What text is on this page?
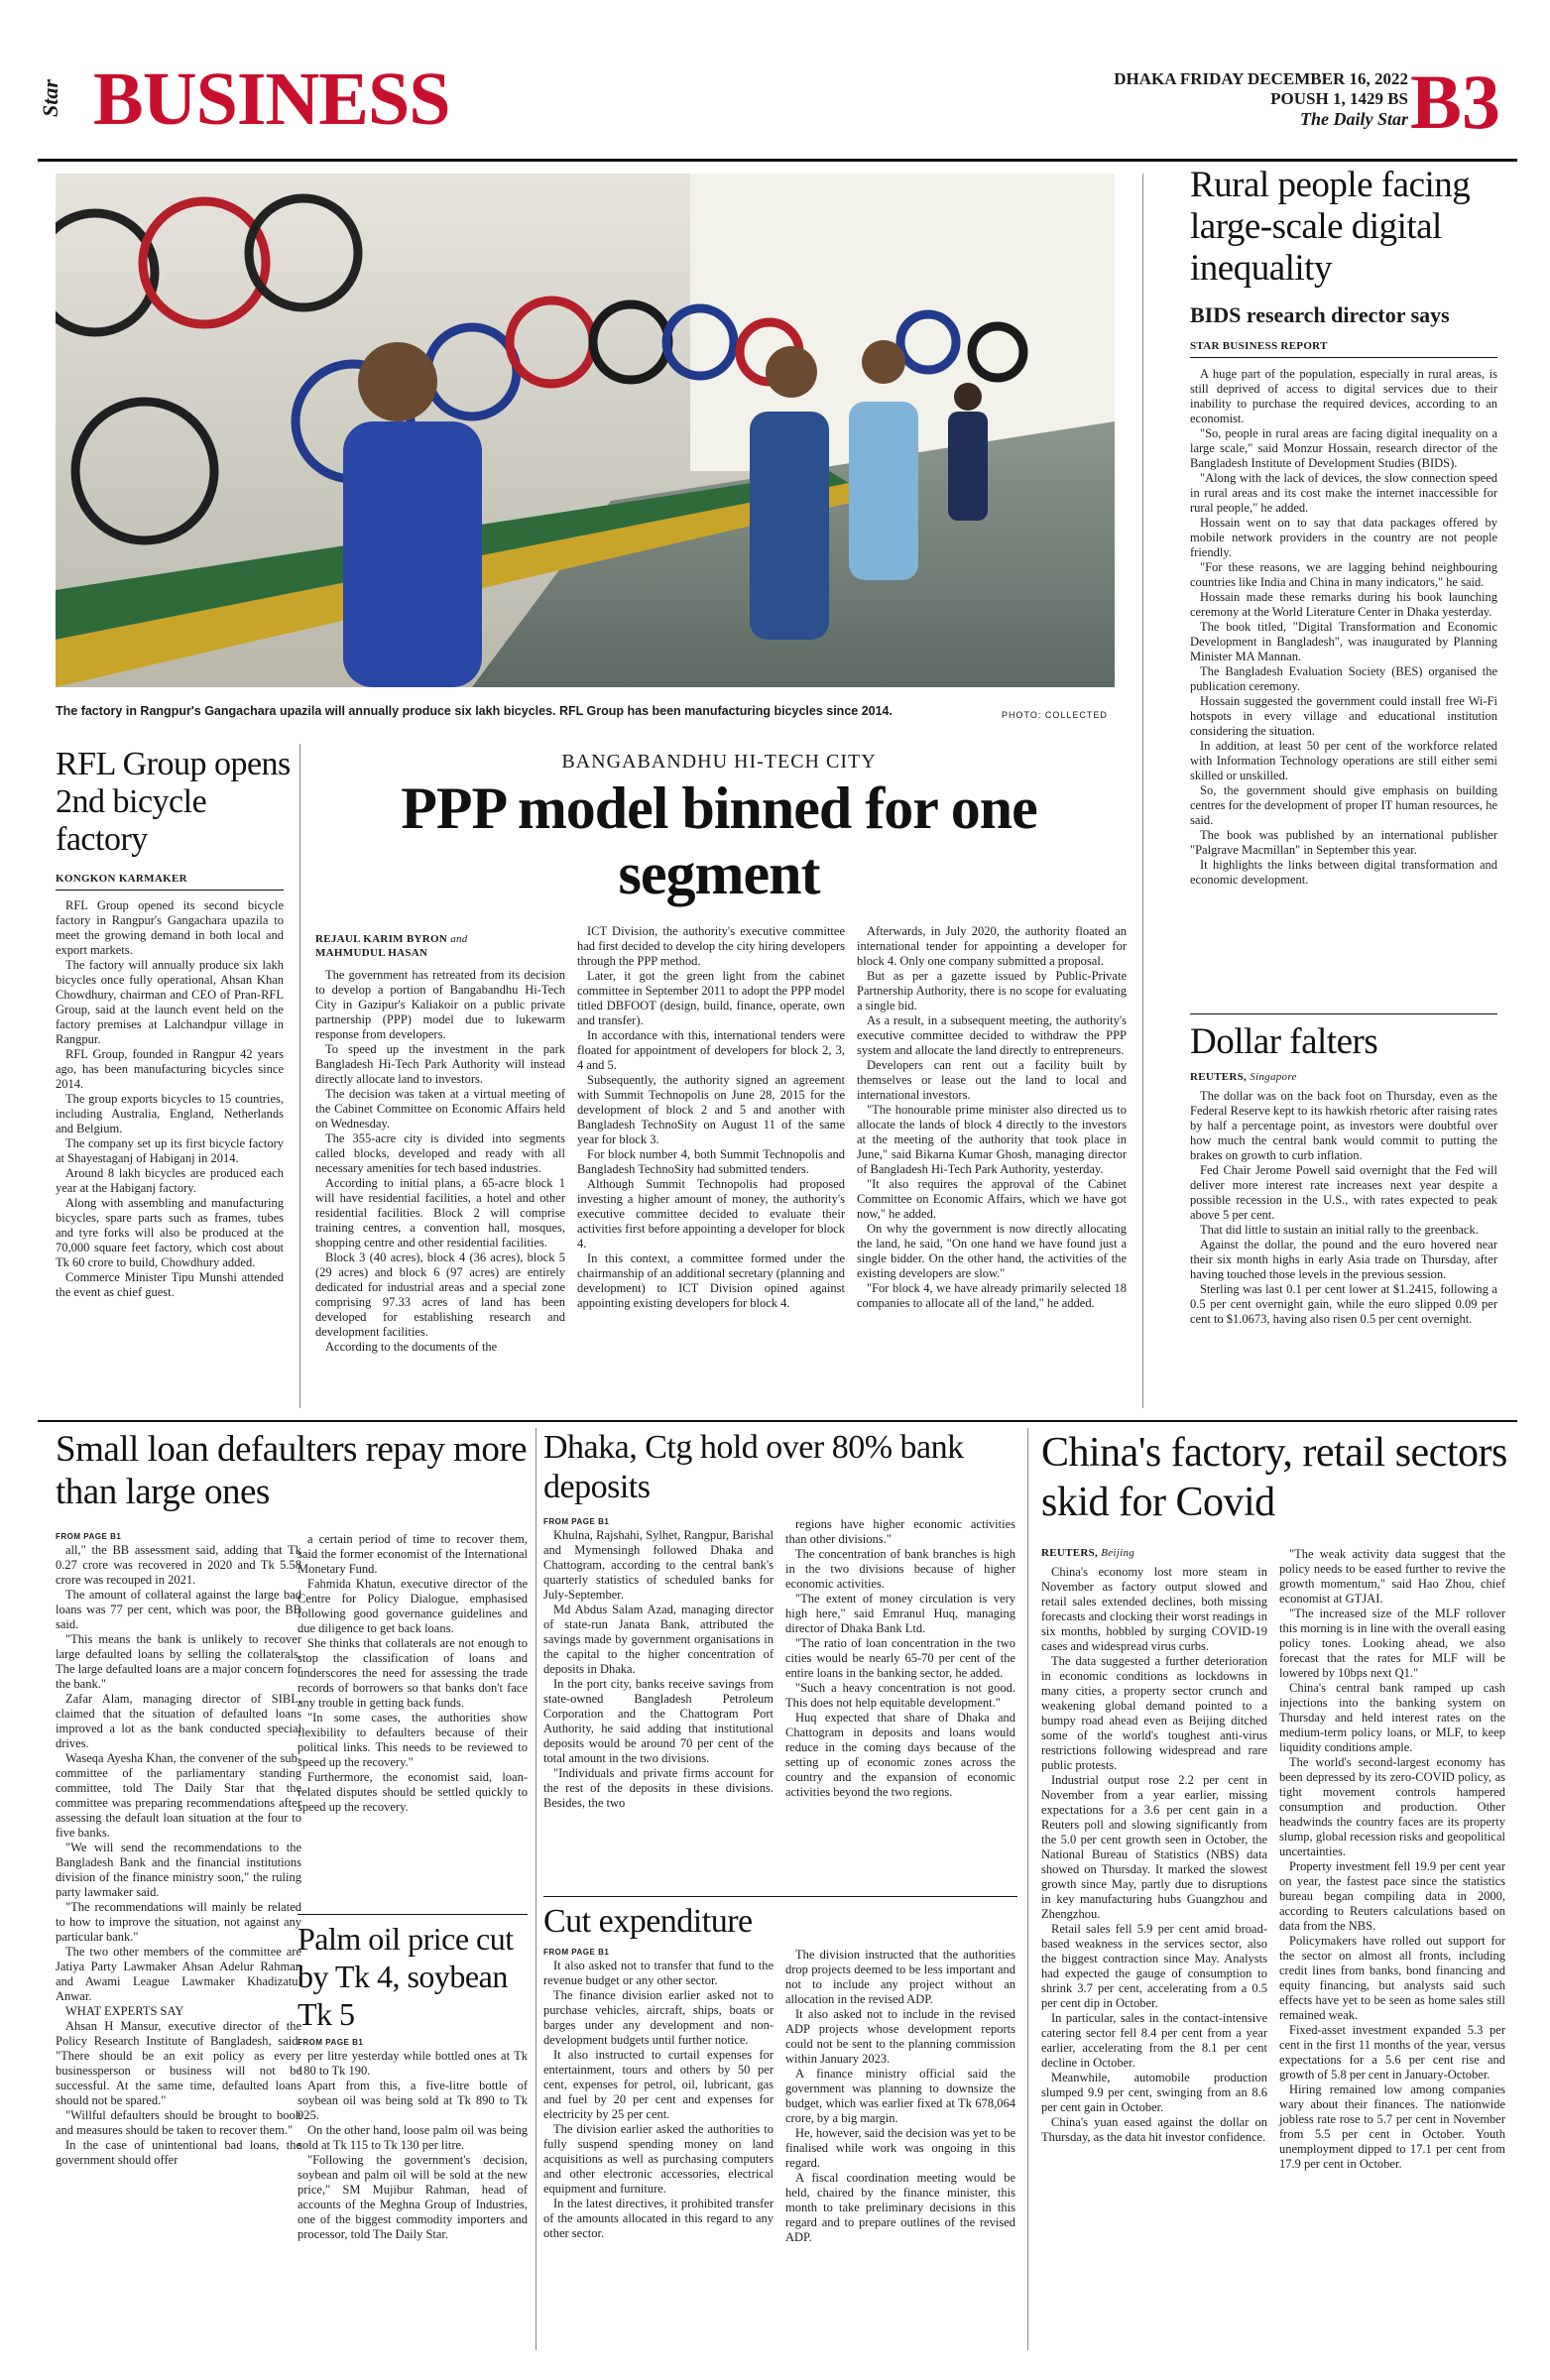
Star BUSINESS	DHAKA FRIDAY DECEMBER 16, 2022
POUSH 1, 1429 BS
The Daily Star B3
The factory in Rangpur's Gangachara upazila will annually produce six lakh bicycles. RFL Group has been manufacturing bicycles since 2014.	PHOTO: COLLECTED
Rural people facing large-scale digital inequality
BIDS research director says
STAR BUSINESS REPORT

A huge part of the population, especially in rural areas, is still deprived of access to digital services due to their inability to purchase the required devices, according to an economist.

"So, people in rural areas are facing digital inequality on a large scale," said Monzur Hossain, research director of the Bangladesh Institute of Development Studies (BIDS).

"Along with the lack of devices, the slow connection speed in rural areas and its cost make the internet inaccessible for rural people," he added.

Hossain went on to say that data packages offered by mobile network providers in the country are not people friendly.

"For these reasons, we are lagging behind neighbouring countries like India and China in many indicators," he said.

Hossain made these remarks during his book launching ceremony at the World Literature Center in Dhaka yesterday.

The book titled, "Digital Transformation and Economic Development in Bangladesh", was inaugurated by Planning Minister MA Mannan.

The Bangladesh Evaluation Society (BES) organised the publication ceremony.

Hossain suggested the government could install free Wi-Fi hotspots in every village and educational institution considering the situation.

In addition, at least 50 per cent of the workforce related with Information Technology operations are still either semi skilled or unskilled.

So, the government should give emphasis on building centres for the development of proper IT human resources, he said.

The book was published by an international publisher "Palgrave Macmillan" in September this year.

It highlights the links between digital transformation and economic development.

Dollar falters
REUTERS, Singapore

The dollar was on the back foot on Thursday, even as the Federal Reserve kept to its hawkish rhetoric after raising rates by half a percentage point, as investors were doubtful over how much the central bank would commit to putting the brakes on growth to curb inflation.

Fed Chair Jerome Powell said overnight that the Fed will deliver more interest rate increases next year despite a possible recession in the U.S., with rates expected to peak above 5 per cent.

That did little to sustain an initial rally to the greenback.

Against the dollar, the pound and the euro hovered near their six month highs in early Asia trade on Thursday, after having touched those levels in the previous session.

Sterling was last 0.1 per cent lower at $1.2415, following a 0.5 per cent overnight gain, while the euro slipped 0.09 per cent to $1.0673, having also risen 0.5 per cent overnight.

RFL Group opens 2nd bicycle factory
KONGKON KARMAKER

RFL Group opened its second bicycle factory in Rangpur's Gangachara upazila to meet the growing demand in both local and export markets.

The factory will annually produce six lakh bicycles once fully operational, Ahsan Khan Chowdhury, chairman and CEO of Pran-RFL Group, said at the launch event held on the factory premises at Lalchandpur village in Rangpur.

RFL Group, founded in Rangpur 42 years ago, has been manufacturing bicycles since 2014.

The group exports bicycles to 15 countries, including Australia, England, Netherlands and Belgium.

The company set up its first bicycle factory at Shayestaganj of Habiganj in 2014.

Around 8 lakh bicycles are produced each year at the Habiganj factory.

Along with assembling and manufacturing bicycles, spare parts such as frames, tubes and tyre forks will also be produced at the 70,000 square feet factory, which cost about Tk 60 crore to build, Chowdhury added.

Commerce Minister Tipu Munshi attended the event as chief guest.

BANGABANDHU HI-TECH CITY
PPP model binned for one segment
REJAUL KARIM BYRON and
MAHMUDUL HASAN

The government has retreated from its decision to develop a portion of Bangabandhu Hi-Tech City in Gazipur's Kaliakoir on a public private partnership (PPP) model due to lukewarm response from developers.

To speed up the investment in the park Bangladesh Hi-Tech Park Authority will instead directly allocate land to investors.

The decision was taken at a virtual meeting of the Cabinet Committee on Economic Affairs held on Wednesday.

The 355-acre city is divided into segments called blocks, developed and ready with all necessary amenities for tech based industries.

According to initial plans, a 65-acre block 1 will have residential facilities, a hotel and other residential facilities. Block 2 will comprise training centres, a convention hall, mosques, shopping centre and other residential facilities.

Block 3 (40 acres), block 4 (36 acres), block 5 (29 acres) and block 6 (97 acres) are entirely dedicated for industrial areas and a special zone comprising 97.33 acres of land has been developed for establishing research and development facilities.

According to the documents of the

ICT Division, the authority's executive committee had first decided to develop the city hiring developers through the PPP method.

Later, it got the green light from the cabinet committee in September 2011 to adopt the PPP model titled DBFOOT (design, build, finance, operate, own and transfer).

In accordance with this, international tenders were floated for appointment of developers for block 2, 3, 4 and 5.

Subsequently, the authority signed an agreement with Summit Technopolis on June 28, 2015 for the development of block 2 and 5 and another with Bangladesh TechnoSity on August 11 of the same year for block 3.

For block number 4, both Summit Technopolis and Bangladesh TechnoSity had submitted tenders.

Although Summit Technopolis had proposed investing a higher amount of money, the authority's executive committee decided to evaluate their activities first before appointing a developer for block 4.

In this context, a committee formed under the chairmanship of an additional secretary (planning and development) to ICT Division opined against appointing existing developers for block 4.

Afterwards, in July 2020, the authority floated an international tender for appointing a developer for block 4. Only one company submitted a proposal.

But as per a gazette issued by Public-Private Partnership Authority, there is no scope for evaluating a single bid.

As a result, in a subsequent meeting, the authority's executive committee decided to withdraw the PPP system and allocate the land directly to entrepreneurs.

Developers can rent out a facility built by themselves or lease out the land to local and international investors.

"The honourable prime minister also directed us to allocate the lands of block 4 directly to the investors at the meeting of the authority that took place in June," said Bikarna Kumar Ghosh, managing director of Bangladesh Hi-Tech Park Authority, yesterday.

"It also requires the approval of the Cabinet Committee on Economic Affairs, which we have got now," he added.

On why the government is now directly allocating the land, he said, "On one hand we have found just a single bidder. On the other hand, the activities of the existing developers are slow."

"For block 4, we have already primarily selected 18 companies to allocate all of the land," he added.

Small loan defaulters repay more than large ones
FROM PAGE B1

all," the BB assessment said, adding that Tk 0.27 crore was recovered in 2020 and Tk 5.58 crore was recouped in 2021.

The amount of collateral against the large bad loans was 77 per cent, which was poor, the BB said.

"This means the bank is unlikely to recover large defaulted loans by selling the collaterals. The large defaulted loans are a major concern for the bank."

Zafar Alam, managing director of SIBL, claimed that the situation of defaulted loans improved a lot as the bank conducted special drives.

Waseqa Ayesha Khan, the convener of the sub-committee of the parliamentary standing committee, told The Daily Star that the committee was preparing recommendations after assessing the default loan situation at the four to five banks.

"We will send the recommendations to the Bangladesh Bank and the financial institutions division of the finance ministry soon," the ruling party lawmaker said.

"The recommendations will mainly be related to how to improve the situation, not against any particular bank."

The two other members of the committee are Jatiya Party Lawmaker Ahsan Adelur Rahman and Awami League Lawmaker Khadizatul Anwar.

WHAT EXPERTS SAY

Ahsan H Mansur, executive director of the Policy Research Institute of Bangladesh, said: "There should be an exit policy as every businessperson or business will not be successful. At the same time, defaulted loans should not be spared."

"Willful defaulters should be brought to book and measures should be taken to recover them."

In the case of unintentional bad loans, the government should offer

a certain period of time to recover them, said the former economist of the International Monetary Fund.

Fahmida Khatun, executive director of the Centre for Policy Dialogue, emphasised following good governance guidelines and due diligence to get back loans.

She thinks that collaterals are not enough to stop the classification of loans and underscores the need for assessing the trade records of borrowers so that banks don't face any trouble in getting back funds.

"In some cases, the authorities show flexibility to defaulters because of their political links. This needs to be reviewed to speed up the recovery."

Furthermore, the economist said, loan-related disputes should be settled quickly to speed up the recovery.

Palm oil price cut by Tk 4, soybean Tk 5
FROM PAGE B1

per litre yesterday while bottled ones at Tk 180 to Tk 190.

Apart from this, a five-litre bottle of soybean oil was being sold at Tk 890 to Tk 925.

On the other hand, loose palm oil was being sold at Tk 115 to Tk 130 per litre.

"Following the government's decision, soybean and palm oil will be sold at the new price," SM Mujibur Rahman, head of accounts of the Meghna Group of Industries, one of the biggest commodity importers and processor, told The Daily Star.

Dhaka, Ctg hold over 80% bank deposits
FROM PAGE B1

Khulna, Rajshahi, Sylhet, Rangpur, Barishal and Mymensingh followed Dhaka and Chattogram, according to the central bank's quarterly statistics of scheduled banks for July-September.

Md Abdus Salam Azad, managing director of state-run Janata Bank, attributed the savings made by government organisations in the capital to the higher concentration of deposits in Dhaka.

In the port city, banks receive savings from state-owned Bangladesh Petroleum Corporation and the Chattogram Port Authority, he said adding that institutional deposits would be around 70 per cent of the total amount in the two divisions.

"Individuals and private firms account for the rest of the deposits in these divisions. Besides, the two

regions have higher economic activities than other divisions."

The concentration of bank branches is high in the two divisions because of higher economic activities.

"The extent of money circulation is very high here," said Emranul Huq, managing director of Dhaka Bank Ltd.

"The ratio of loan concentration in the two cities would be nearly 65-70 per cent of the entire loans in the banking sector, he added.

"Such a heavy concentration is not good. This does not help equitable development."

Huq expected that share of Dhaka and Chattogram in deposits and loans would reduce in the coming days because of the setting up of economic zones across the country and the expansion of economic activities beyond the two regions.

Cut expenditure
FROM PAGE B1

It also asked not to transfer that fund to the revenue budget or any other sector.

The finance division earlier asked not to purchase vehicles, aircraft, ships, boats or barges under any development and non-development budgets until further notice.

It also instructed to curtail expenses for entertainment, tours and others by 50 per cent, expenses for petrol, oil, lubricant, gas and fuel by 20 per cent and expenses for electricity by 25 per cent.

The division earlier asked the authorities to fully suspend spending money on land acquisitions as well as purchasing computers and other electronic accessories, electrical equipment and furniture.

In the latest directives, it prohibited transfer of the amounts allocated in this regard to any other sector.

The division instructed that the authorities drop projects deemed to be less important and not to include any project without an allocation in the revised ADP.

It also asked not to include in the revised ADP projects whose development reports could not be sent to the planning commission within January 2023.

A finance ministry official said the government was planning to downsize the budget, which was earlier fixed at Tk 678,064 crore, by a big margin.

He, however, said the decision was yet to be finalised while work was ongoing in this regard.

A fiscal coordination meeting would be held, chaired by the finance minister, this month to take preliminary decisions in this regard and to prepare outlines of the revised ADP.

China's factory, retail sectors skid for Covid
REUTERS, Beijing

China's economy lost more steam in November as factory output slowed and retail sales extended declines, both missing forecasts and clocking their worst readings in six months, hobbled by surging COVID-19 cases and widespread virus curbs.

The data suggested a further deterioration in economic conditions as lockdowns in many cities, a property sector crunch and weakening global demand pointed to a bumpy road ahead even as Beijing ditched some of the world's toughest anti-virus restrictions following widespread and rare public protests.

Industrial output rose 2.2 per cent in November from a year earlier, missing expectations for a 3.6 per cent gain in a Reuters poll and slowing significantly from the 5.0 per cent growth seen in October, the National Bureau of Statistics (NBS) data showed on Thursday. It marked the slowest growth since May, partly due to disruptions in key manufacturing hubs Guangzhou and Zhengzhou.

Retail sales fell 5.9 per cent amid broad-based weakness in the services sector, also the biggest contraction since May. Analysts had expected the gauge of consumption to shrink 3.7 per cent, accelerating from a 0.5 per cent dip in October.

In particular, sales in the contact-intensive catering sector fell 8.4 per cent from a year earlier, accelerating from the 8.1 per cent decline in October.

Meanwhile, automobile production slumped 9.9 per cent, swinging from an 8.6 per cent gain in October.

China's yuan eased against the dollar on Thursday, as the data hit investor confidence.

"The weak activity data suggest that the policy needs to be eased further to revive the growth momentum," said Hao Zhou, chief economist at GTJAI.

"The increased size of the MLF rollover this morning is in line with the overall easing policy tones. Looking ahead, we also forecast that the rates for MLF will be lowered by 10bps next Q1."

China's central bank ramped up cash injections into the banking system on Thursday and held interest rates on the medium-term policy loans, or MLF, to keep liquidity conditions ample.

The world's second-largest economy has been depressed by its zero-COVID policy, as tight movement controls hampered consumption and production. Other headwinds the country faces are its property slump, global recession risks and geopolitical uncertainties.

Property investment fell 19.9 per cent year on year, the fastest pace since the statistics bureau began compiling data in 2000, according to Reuters calculations based on data from the NBS.

Policymakers have rolled out support for the sector on almost all fronts, including credit lines from banks, bond financing and equity financing, but analysts said such effects have yet to be seen as home sales still remained weak.

Fixed-asset investment expanded 5.3 per cent in the first 11 months of the year, versus expectations for a 5.6 per cent rise and growth of 5.8 per cent in January-October.

Hiring remained low among companies wary about their finances. The nationwide jobless rate rose to 5.7 per cent in November from 5.5 per cent in October. Youth unemployment dipped to 17.1 per cent from 17.9 per cent in October.
